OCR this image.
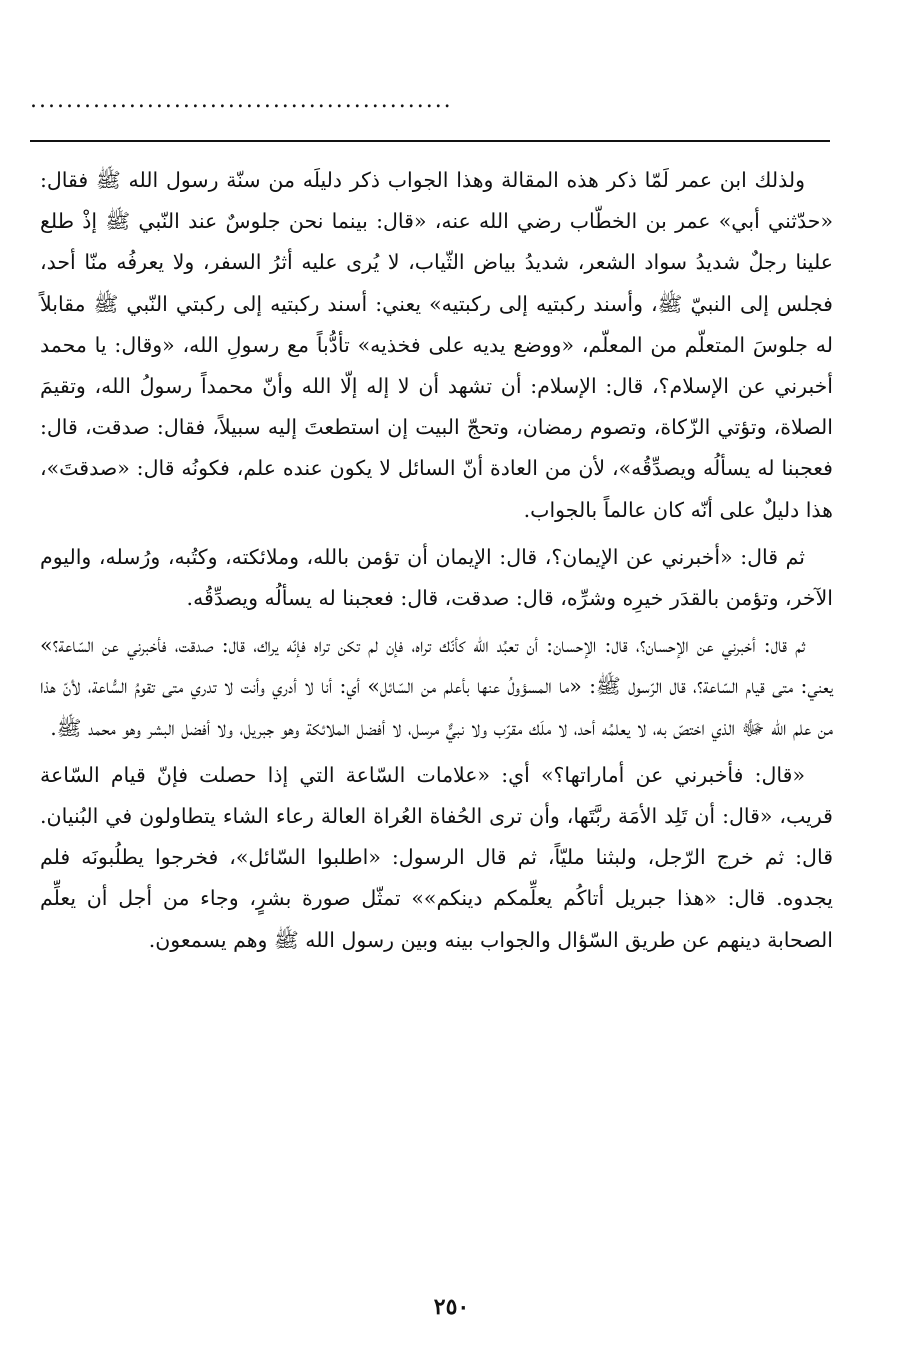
...............................................

ولذلك ابن عمر لَمّا ذكر هذه المقالة وهذا الجواب ذكر دليلَه من سنّة رسول الله ﷺ فقال: «حدّثني أبي» عمر بن الخطّاب رضي الله عنه، «قال: بينما نحن جلوسٌ عند النّبي ﷺ إذْ طلع علينا رجلٌ شديدُ سواد الشعر، شديدُ بياض الثّياب، لا يُرى عليه أثرُ السفر، ولا يعرفُه منّا أحد، فجلس إلى النبيّ ﷺ، وأسند ركبتيه إلى ركبتيه» يعني: أسند ركبتيه إلى ركبتي النّبي ﷺ مقابلاً له جلوسَ المتعلّم من المعلّم، «ووضع يديه على فخذيه» تأدُّباً مع رسولِ الله، «وقال: يا محمد أخبرني عن الإسلام؟، قال: الإسلام: أن تشهد أن لا إله إلّا الله وأنّ محمداً رسولُ الله، وتقيمَ الصلاة، وتؤتي الزّكاة، وتصوم رمضان، وتحجّ البيت إن استطعتَ إليه سبيلاً، فقال: صدقت، قال: فعجبنا له يسألُه ويصدِّقُه»، لأن من العادة أنّ السائل لا يكون عنده علم، فكونُه قال: «صدقتَ»، هذا دليلٌ على أنّه كان عالماً بالجواب.

ثم قال: «أخبرني عن الإيمان؟، قال: الإيمان أن تؤمن بالله، وملائكته، وكتُبه، ورُسله، واليوم الآخر، وتؤمن بالقدَر خيرِه وشرِّه، قال: صدقت، قال: فعجبنا له يسألُه ويصدِّقُه.

ثم قال: أخبرني عن الإحسان؟، قال: الإحسان: أن تعبُد الله كأنّك تراه، فإن لم تكن تراه فإنّه يراك، قال: صدقت، فأخبرني عن السّاعة؟» يعني: متى قيام السّاعة؟، قال الرّسول ﷺ: «ما المسؤولُ عنها بأعلم من السّائل» أي: أنا لا أدري وأنت لا تدري متى تقومُ السُّاعة، لأنّ هذا من علم الله ﷻ الذي اختصّ به، لا يعلمُه أحد، لا ملَك مقرّب ولا نبيٌّ مرسل، لا أفضل الملائكة وهو جبريل، ولا أفضل البشر وهو محمد ﷺ.

«قال: فأخبرني عن أماراتها؟» أي: «علامات السّاعة التي إذا حصلت فإنّ قيام السّاعة قريب، «قال: أن تَلِد الأمَة ربَّتَها، وأن ترى الحُفاة العُراة العالة رعاء الشاء يتطاولون في البُنيان. قال: ثم خرج الرّجل، ولبثنا مليّاً، ثم قال الرسول: «اطلبوا السّائل»، فخرجوا يطلُبونَه فلم يجدوه. قال: «هذا جبريل أتاكُم يعلِّمكم دينكم»» تمثّل صورة بشرٍ، وجاء من أجل أن يعلِّم الصحابة دينهم عن طريق السّؤال والجواب بينه وبين رسول الله ﷺ وهم يسمعون.

٢٥٠
